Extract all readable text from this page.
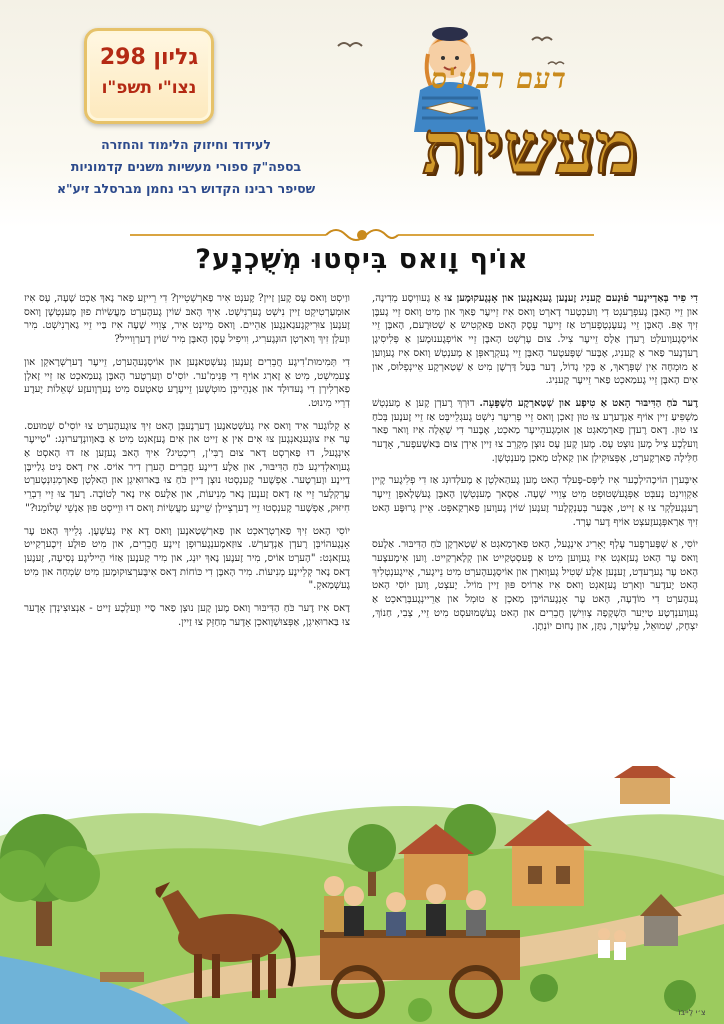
גליון 298
נצו"י תשפ"ו
לעידוד וחיזוק הלימוד והחזרה
בספה"ק ספורי מעשיות משנים קדמוניות
שסיפר רבינו הקדוש רבי נחמן מברסלב זיע"א
דעם רבינ'ס
מעשיות
אוֹיף וָואס בִּיסְטוּ מְשֻׁכְנָע?

דִי פִיר בְּאַדְיינֶער פֿוּנְעם קֶענִיג זֶענֶען גֶעגַאנְגֶען און אָנְגֶעקוּמֶען צוּ אַ גֶעווִיסֶע מְדִינָה, און זֵיי הָאבֶּן גֶעפְרֶעגְט דִי וָועכְטֶער דָארְט וָואס אִיז זֵייעֶר פַאךְ און מִיט וָואס זֵיי גֶעבֶּן זִיךְ אָפּ. הָאבֶּן זֵיי גֶעעֶנְטְפֶערְט אַז זֵייעֶר עֵסֶק הָאט פַאקְטִיש אַ שְׁטוּרֶעם, הָאבֶּן זֵיי אוֹיסְגֶעוָועלְט רֶעדְן אַלֶס זֵייעֶר צִיל. צוּם עֶרְשְׁט הָאבֶּן זֵיי אוֹיפְגֶענוּמֶען אַ פְּלִיסִיגֶן רֶעדְנֶער פַאר אַ קֶענִיג, אָבֶּער שְׁפֶּעטֶער הָאבֶּן זֵיי גֶעקְרָאפְּן אַ מֶענְטְשׁ וָואס אִיז גֶעוֶוען אַ מוּמְחֶה אִין שְׁפְּרָאךְ, אַ בָּקִי גָדוֹל, דֶער בַּעַל דַּרְשָׁן מִיט אַ שְׁטַארְקֶע אֵיינְפְלוּס, און אִים הָאבֶּן זֵיי גֶעמַאכְט פַאר זֵייעֶר קֶענִיג.

דֶער כֹּחַ הַדִּיבּוּר הָאט אַ טִיפְע און שְׁטַארְקֶע הַשְׁפָּעָה. דוּרְךְ רֶעדְן קֶען אַ מֶענְטְשׁ מַשְׁפִּיעַ זַיין אוֹיף אַנְדֶערֶע צוּ טוּן זַאכְן וָואס זֵיי פְרִיעֶר נִישְׁט גֶעגְלֵייבְּט אַז זֵיי זֶענֶען בְּכֹחַ צוּ טוּן. דָאס רֶעדְן פַארְמַאגְט אַן אוּמְגֶעהֵייעֶר מַאכְט, אָבֶּער דִי שְׁאֵלָה אִיז וָואר פַאר וָועלְכֶע צִיל מֶען נוּצְט עֶס. מֶען קֶען עֶס נוּצְן מְקָרֵב צוּ זַיין אִידְן צוּם בַּאשֶׁעפֶער, אָדֶער חַלִּילָה פַארְקֶערְט, אָפְּצוּקִילְן און קַאלְט מַאכְן מֶענְטְשֶׁן.

אִיבֶּערְן הוֹיכֶהילְכֶער אִיז לַיפְּס-פֶעלְד הָאט מֶען גֶעהַאלְטְן אַ מֶעלְדוּנְג אַז דִי פְלִיגֶער קֶיין אַקְוִוינְט נָעבְּט אַפְּגֶעשְׁטוּפְט מִיט צְוֵויי שָׁעָה. אַסָאך מֶענְטְשֶׁן הָאבֶּן גֶעשְׁלָאפְן זֵייעֶר רֶענְגֶעלְקְר צוּ אַ זַייט, אָבֶּער בְּעַנְקְלֶער זֶענֶען שׁוֹין גֶעוֶוען פַארְקַאפְּט. אֵיין גְרוּפֶּע הָאט זִיךְ אַרָאפְּגֶעזֶעצְט אוֹיף דֶער עֶרְד.

יוֹסִי, אַ שְׁפֶּערְפֶער עֶלְף יָאָרִיג אִינְגֶעל, הָאט פַארְמַאגְט אַ שְׁטַארְקֶן כֹּחַ הַדִּיבּוּר. אַלֶעס וָואס עֶר הָאט גֶעזָאגְט אִיז גֶעוֶוען מִיט אַ פֶעסְטְקַייט און קְלָארְקַייט. וֶוען אִימֶעצֶער הָאט עֶר גֶערֶעדְט, זֶענֶען אַלֶע שְׁטִיל גֶעוָוארְן און אוֹיסְגֶעהֶערְט מִיט נֵייגֶער, אֵייגֶענְטְלִיךְ הָאט יֶעדֶער ווָארְט גֶעזָאגְט וָואס אִיז אַרוֹיס פּוּן זַיין מוֹיל. יָעצְט, וֶוען יוֹסִי הָאט גֶעהֶערְט דִי מוֹדָעָה, הָאט עֶר אָנְגֶעהוֹיבְּן מַאכְן אַ טוּמְל און אַרֵיינְגֶעבְּרַאכְט אַ גֶעוָוענְדְטֶע טַייַער הַשְׁקָפָה צְווִישְׁן חֲבֵרִים און הָאט גֶעשְׁמוּעסְט מִיט זֵיי, צְבִי, חַנוֹךְ, יִצְחָק, שְׁמוּאֵל, עֵלִיעֶזֶר, נַתָּן, און נָחוּם יוֹנְתָן.

ווַיסְט וָואס עֶס קֶען זַיין? קֶענְט אִיר פַארְשְׁטֵיין? דִי רֵייזֶע פַאר נָאךְ אַכְט שָׁעָה, עֶס אִיז אוּמְעַרְטִיקְט זַיין נִישְׁט גֶערְנִישְׁט. אִיךְ הָאבּ שׁוֹין גֶעהֶערְט מַעֲשִׂיוֹת פוּן מֶענְטְשֶׁן וָואס זֶענֶען צוּרִיקְגֶעגַאנְגֶען אַהֵיים. וָואס מֵיינְט אִיר, צְוֵויי שָׁעָה אִיז בַּיי זֵיי גַארְנִישְׁט. מִיר ווָעלְן זִיךְ וָוארְטְן הוּנְגֶערִיג, וִויפִיל עֶסְן הָאבֶּן מִיר שׁוֹין דֶערְוֵוייל?

דִי תְּמִימוּת'דִיגֶע חֲבֵרִים זֶענֶען גֶעשְׁטַאנֶען און אוֹיסְגֶעהֶערְט, זֵייעֶר דֶערְשְׁרָאקְן און צֶעמִישְׁט, מִיט אַ זָארְג אוֹיף דִי פְּנִימִ'ער. יוֹסִי'ס ווֶערְטֶער הָאבֶּן גֶעמַאכְט אַז זֵיי זָאלְן פַארְלִירְן דִי גֶעדוּלְד און אַנְהֵייבְּן מוּטְשֶׁען זֵייעֶרֶע טַאטֶעס מִיט נֶערְוֶועזֶע שְׁאֵלוֹת יֶעדֶע דְרֵיי מִינוּט.

אַ קְלוֹגֶער אִיד וָואס אִיז גֶעשְׁטַאנֶען דֶערְנֶעבְּן הָאט זִיךְ צוּגֶעהֶערְט צוּ יוֹסִי'ס שְׁמוּעס. עֶר אִיז צוּגֶעגַאנְגֶען צוּ אִים אִין אַ זַייט און אִים גֶעזָאגְט מִיט אַ בַּאוָוונְדֶערוּנְג: "טַייעֶר אִינְגֶעל, דוּ פַארְסְט דַאר צוּם רֶבִּי'ן, רִיכְטִיג? אִיךְ הָאבּ גֶעזֶען אַז דוּ הָאסְט אַ גֶעוָואלְדִיגְע כֹּחַ הַדִּיבּוּר, און אַלֶע דַיינֶע חֲבֵרִים הֶערְן דִיר אוֹיס. אִיז דָאס נִיט גְלַייבֶּן דַיינֶע ווָערְטֶער. אַפְשֶׁער קֶענְסְטוּ נוּצְן דַיין כֹּחַ צוּ בַּארוּאִיגְן און הַאלְטְן פַארְמְנִוּנְטֶערְט עֶרְקְלֶער זֵיי אַז דָאס זֶענֶען נָאר מְנִיעוֹת, און אַלֶעס אִיז נָאר לְטוֹבָה. רֶעדְ צוּ זֵיי דִבְרֵי חִיזּוּק, אַפְשֶׁער קֶענְסְטוּ זֵיי דֶערְצֵיילְן שֵׁיינֶע מַעֲשִׂיוֹת וָואס דוּ ווֵייסְט פוּן אַנְשֵׁי שְׁלוֹמֵנוּ?"

יוֹסִי הָאט זִיךְ פַארְטְרַאכְט און פַארְשְׁטַאנֶען וָואס דָא אִיז גֶעשְׁעֶן. גְלֵייךְ הָאט עֶר אָנְגֶעהוֹיבְּן רֶעדְן אַנְדֶערְשׁ. צוּזַאמֶענְגֶערוּפְן זַיינֶע חֲבֵרִים, און מִיט פוּלֶע זִיכֶערְקַייט גֶעזָאגְט: "הֶערְט אוֹיס, מִיר זֶענֶען נָאךְ יוּנְג, און מִיר קֶענֶען אַזוֹי הֵייליגֶע נְסִיעָה, זֶענֶען דָאס נָאר קְלֵיינֶע מְנִיעוֹת. מִיר הָאבֶּן דִי כּוֹחוֹת דָאס אִיבֶּערְצוּקוּמֶען מִיט שִׂמְחָה און מִיט גֶעשְׁמַאקְ."

דָאס אִיז דֶער כֹּחַ הַדִּיבּוּר וָואס מֶען קֶען נוּצְן פַאר סַיי ווֶעלְכֶע זַייט - אַנְצוּצִינְדְן אָדֶער צוּ בַּארוּאִיגְן, אַפְּצוּשְׁוָואכְן אָדֶער מְחַזֵּק צוּ זַיין.

צ׳י לֵייבּוֹ
